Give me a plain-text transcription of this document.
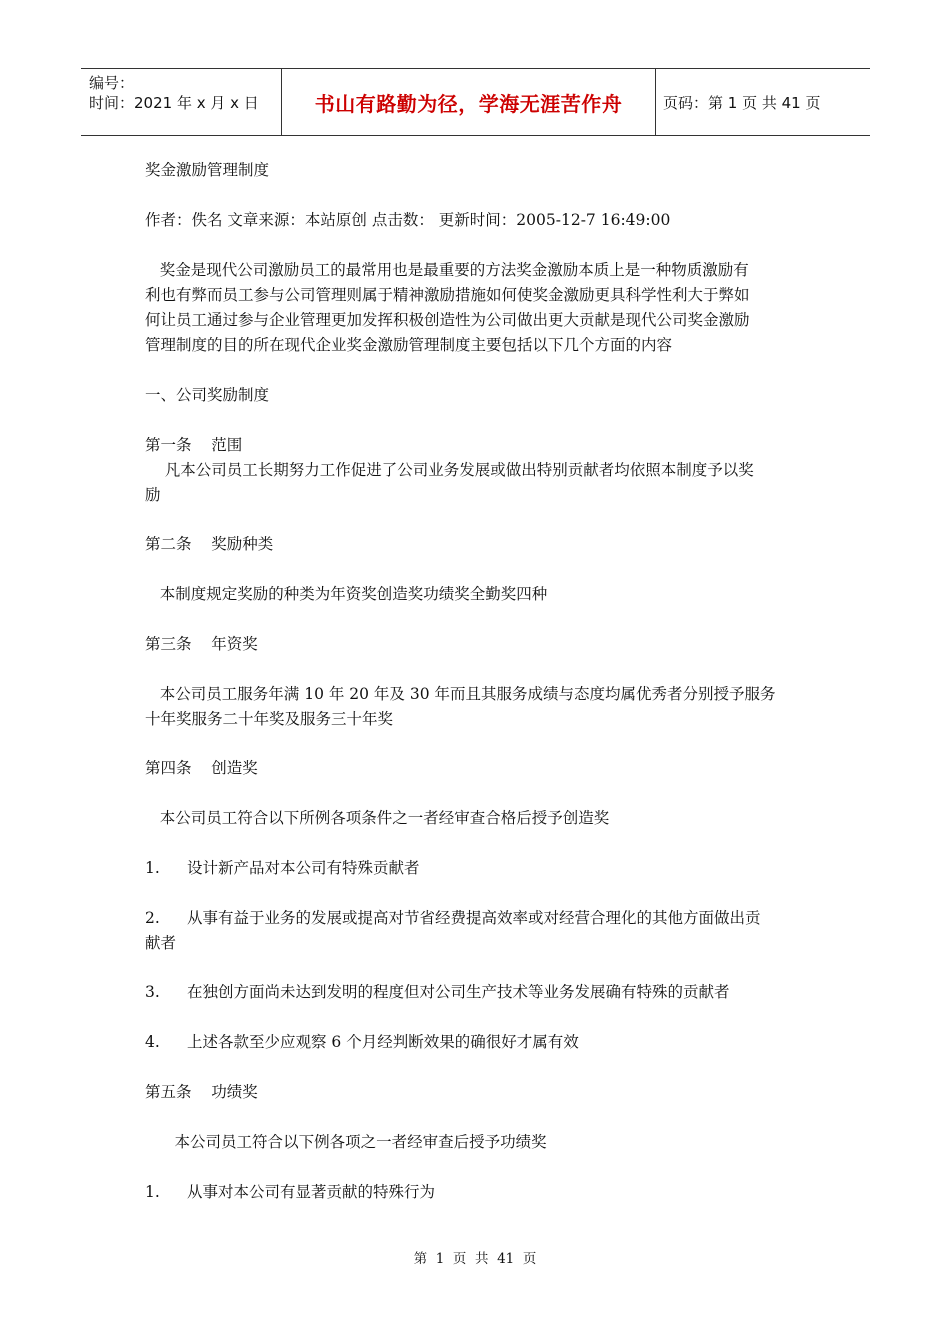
编号：
时间：2021 年 x 月 x 日	书山有路勤为径，学海无涯苦作舟	页码：第 1 页 共 41 页

奖金激励管理制度

作者：佚名 文章来源：本站原创 点击数： 更新时间：2005-12-7 16:49:00

奖金是现代公司激励员工的最常用也是最重要的方法奖金激励本质上是一种物质激励有

利也有弊而员工参与公司管理则属于精神激励措施如何使奖金激励更具科学性利大于弊如

何让员工通过参与企业管理更加发挥积极创造性为公司做出更大贡献是现代公司奖金激励

管理制度的目的所在现代企业奖金激励管理制度主要包括以下几个方面的内容

一、公司奖励制度

第一条    范围

凡本公司员工长期努力工作促进了公司业务发展或做出特别贡献者均依照本制度予以奖

励

第二条    奖励种类

本制度规定奖励的种类为年资奖创造奖功绩奖全勤奖四种

第三条    年资奖

本公司员工服务年满 10 年 20 年及 30 年而且其服务成绩与态度均属优秀者分别授予服务

十年奖服务二十年奖及服务三十年奖

第四条    创造奖

本公司员工符合以下所例各项条件之一者经审查合格后授予创造奖

1.	设计新产品对本公司有特殊贡献者
2.	从事有益于业务的发展或提高对节省经费提高效率或对经营合理化的其他方面做出贡

献者

3.	在独创方面尚未达到发明的程度但对公司生产技术等业务发展确有特殊的贡献者
4.	上述各款至少应观察 6 个月经判断效果的确很好才属有效

第五条    功绩奖

本公司员工符合以下例各项之一者经审查后授予功绩奖

1.	从事对本公司有显著贡献的特殊行为
第  1  页  共  41  页
